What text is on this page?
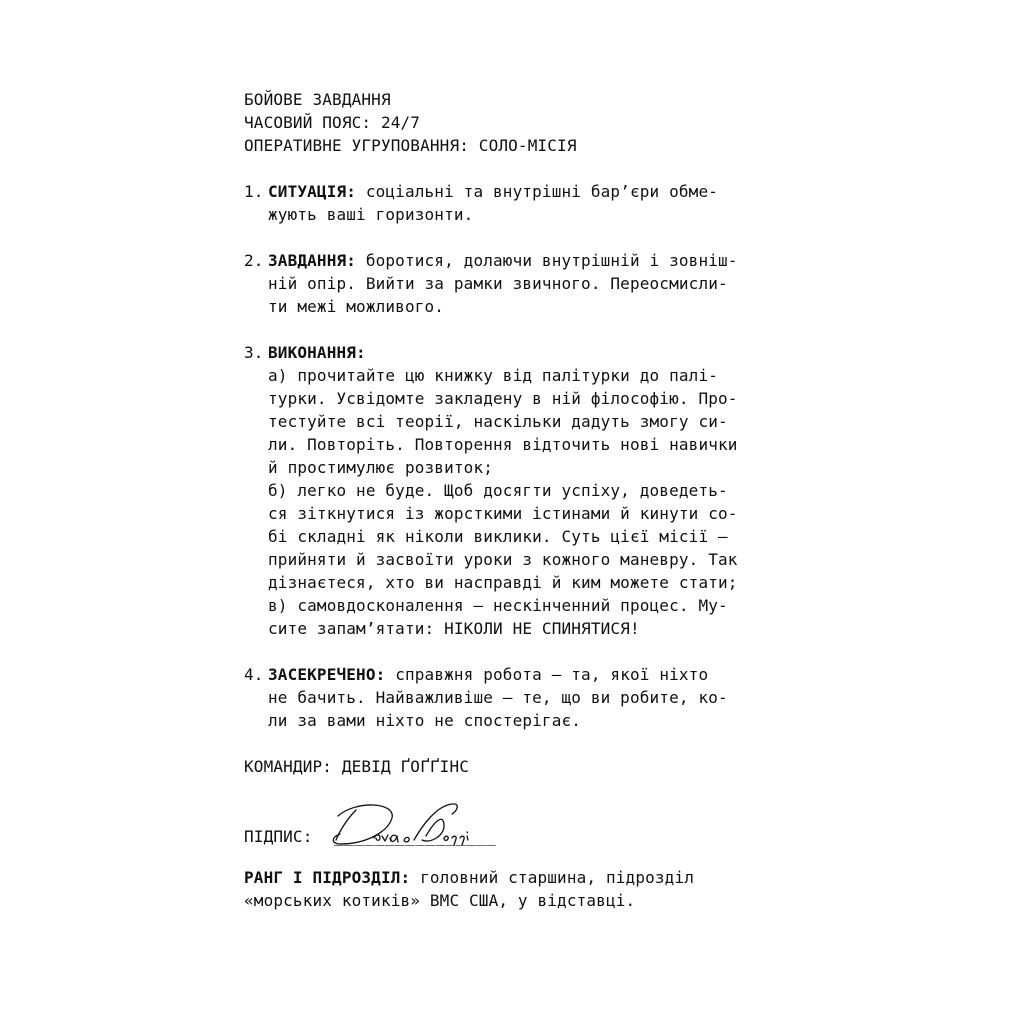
БОЙОВЕ ЗАВДАННЯ
ЧАСОВИЙ ПОЯС: 24/7
ОПЕРАТИВНЕ УГРУПОВАННЯ: СОЛО-МІСІЯ
1. СИТУАЦІЯ: соціальні та внутрішні бар’єри обме-
жують ваші горизонти.
2. ЗАВДАННЯ: боротися, долаючи внутрішній і зовніш-
ній опір. Вийти за рамки звичного. Переосмисли-
ти межі можливого.
3. ВИКОНАННЯ:
а) прочитайте цю книжку від палітурки до палі-
турки. Усвідомте закладену в ній філософію. Про-
тестуйте всі теорії, наскільки дадуть змогу си-
ли. Повторіть. Повторення відточить нові навички
й простимулює розвиток;
б) легко не буде. Щоб досягти успіху, доведеть-
ся зіткнутися із жорсткими істинами й кинути со-
бі складні як ніколи виклики. Суть цієї місії —
прийняти й засвоїти уроки з кожного маневру. Так
дізнаєтеся, хто ви насправді й ким можете стати;
в) самовдосконалення — нескінченний процес. Му-
сите запам’ятати: НІКОЛИ НЕ СПИНЯТИСЯ!
4. ЗАСЕКРЕЧЕНО: справжня робота — та, якої ніхто
не бачить. Найважливіше — те, що ви робите, ко-
ли за вами ніхто не спостерігає.
КОМАНДИР: ДЕВІД ҐОҐҐІНС
ПІДПИС: ________________
РАНГ І ПІДРОЗДІЛ: головний старшина, підрозділ
«морських котиків» ВМС США, у відставці.
